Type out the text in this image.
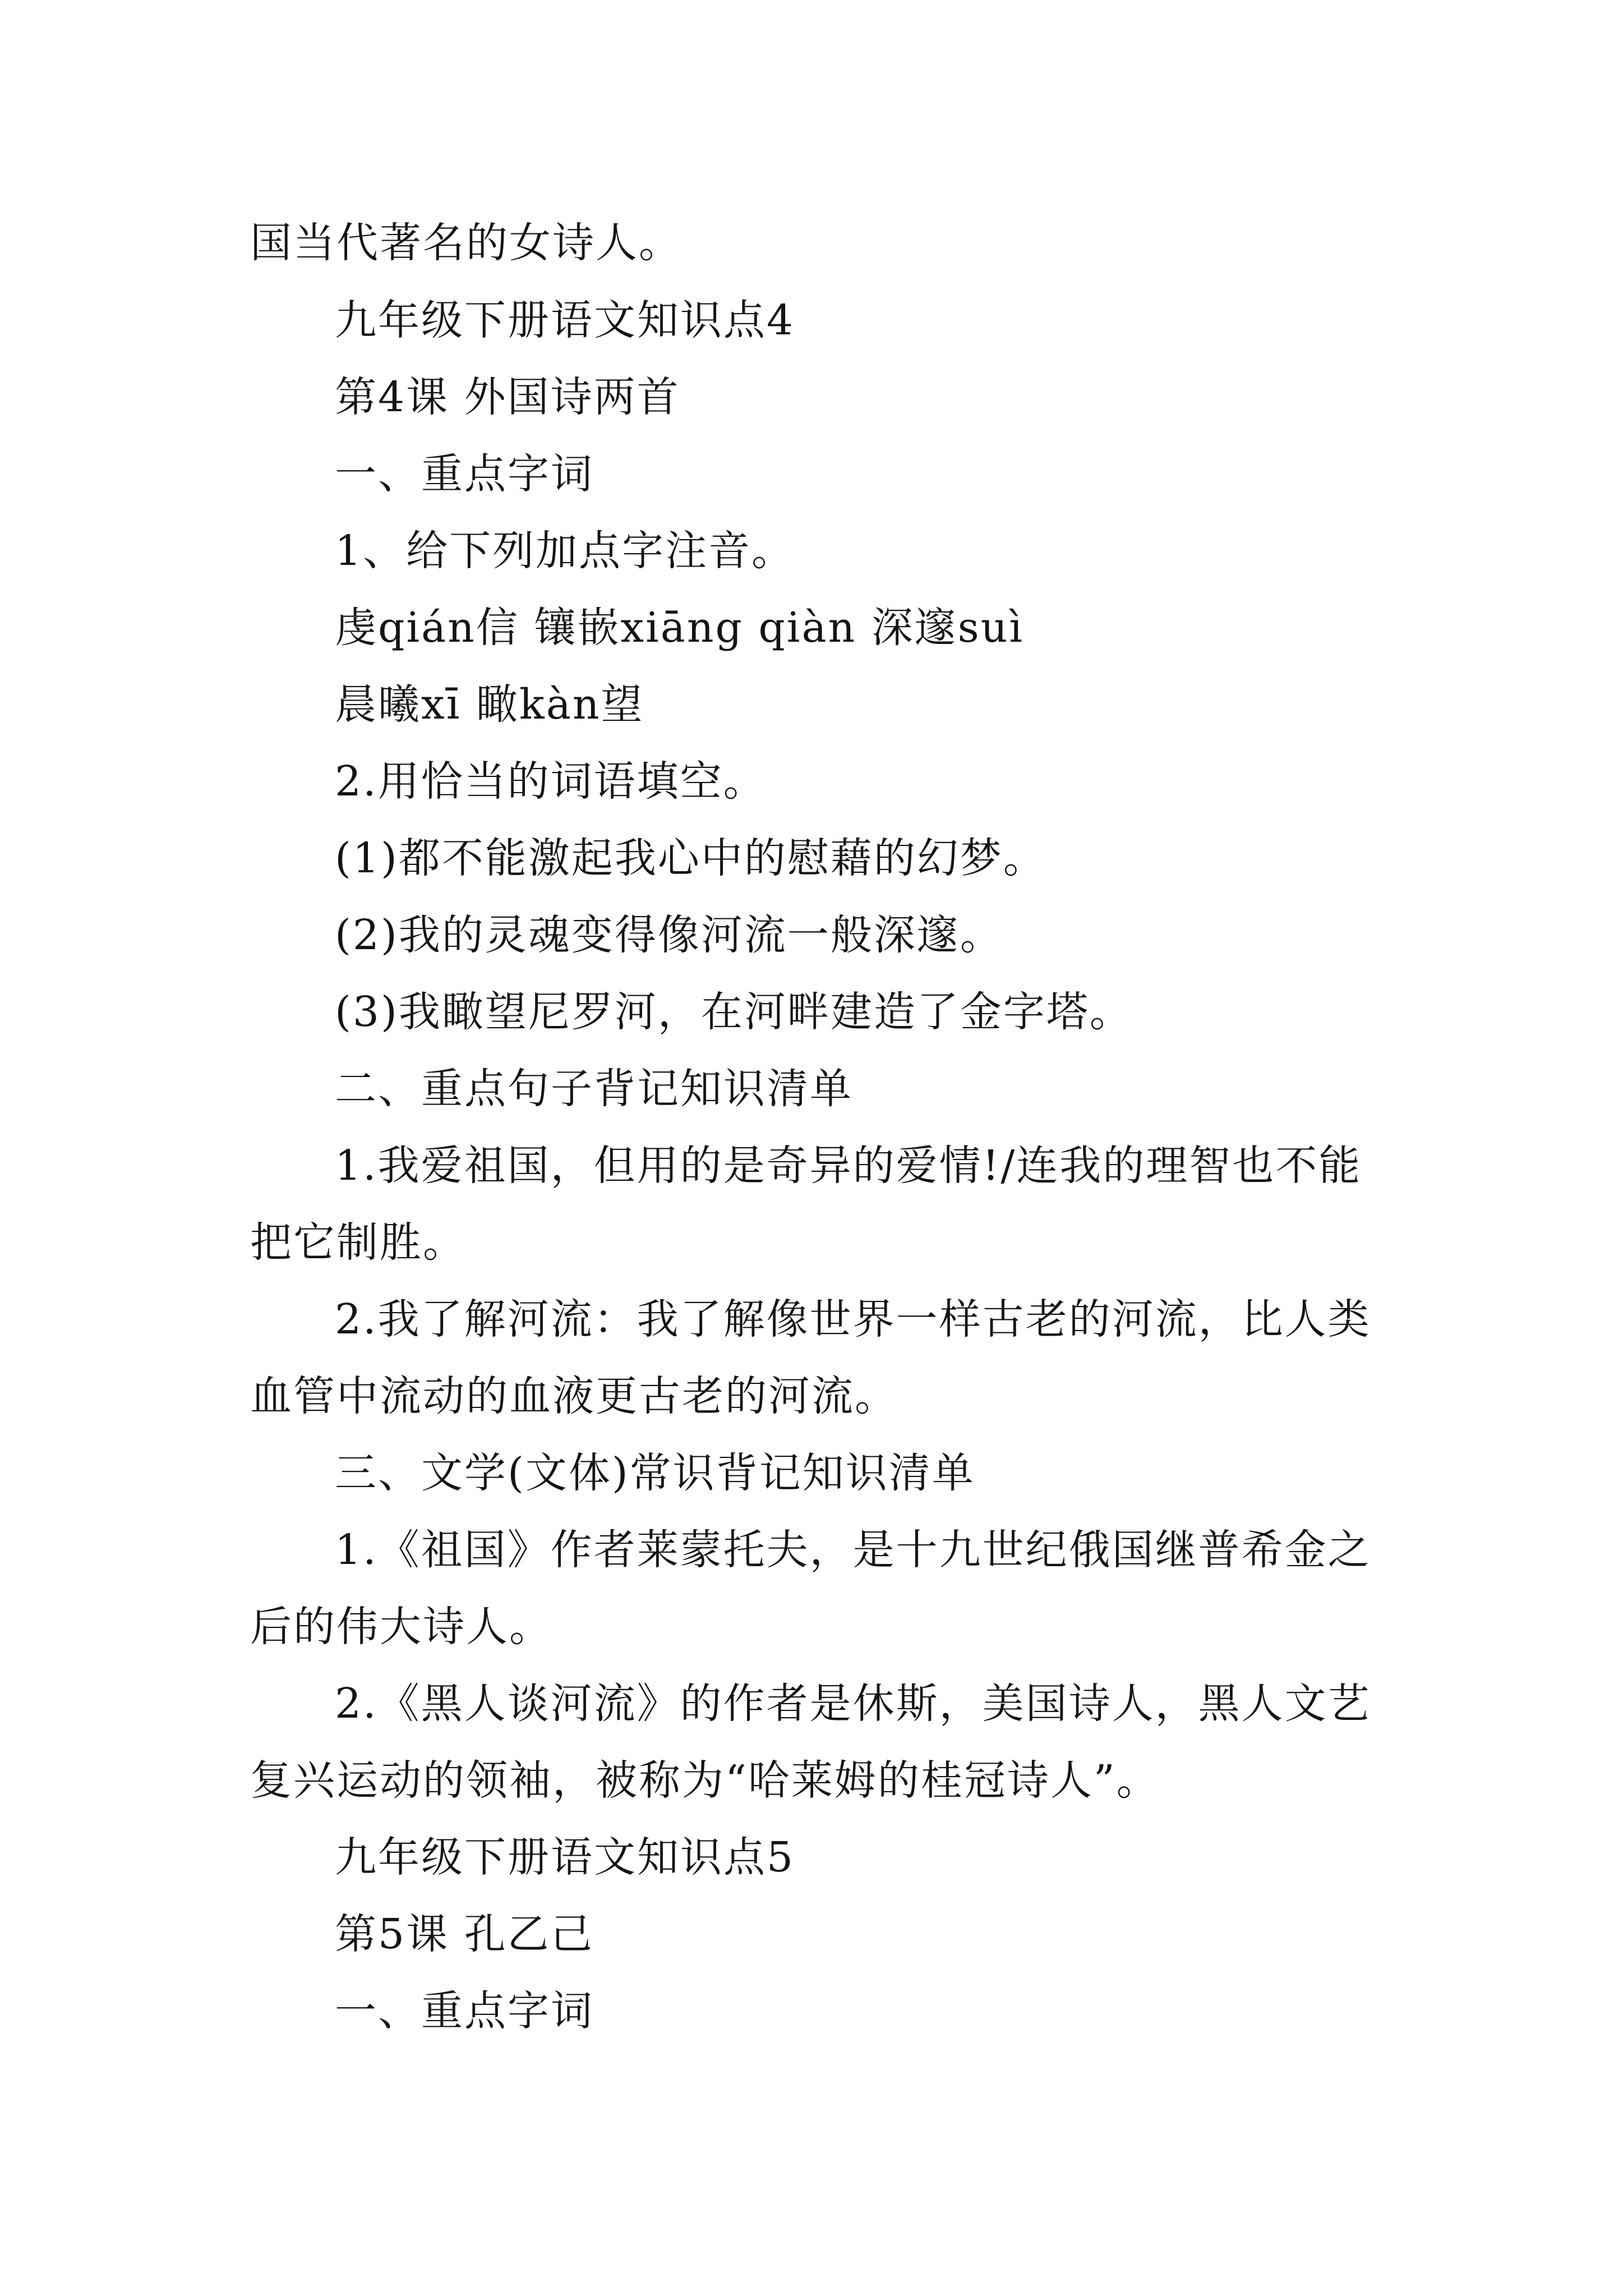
国当代著名的女诗人。

九年级下册语文知识点4

第4课 外国诗两首

一、重点字词

1、给下列加点字注音。

虔qián信 镶嵌xiāng qiàn 深邃suì

晨曦xī 瞰kàn望

2.用恰当的词语填空。

(1)都不能激起我心中的慰藉的幻梦。

(2)我的灵魂变得像河流一般深邃。

(3)我瞰望尼罗河，在河畔建造了金字塔。

二、重点句子背记知识清单

1.我爱祖国，但用的是奇异的爱情!/连我的理智也不能

把它制胜。

2.我了解河流：我了解像世界一样古老的河流，比人类

血管中流动的血液更古老的河流。

三、文学(文体)常识背记知识清单

1.《祖国》作者莱蒙托夫，是十九世纪俄国继普希金之

后的伟大诗人。

2.《黑人谈河流》的作者是休斯，美国诗人，黑人文艺

复兴运动的领袖，被称为“哈莱姆的桂冠诗人”。

九年级下册语文知识点5

第5课 孔乙己

一、重点字词
